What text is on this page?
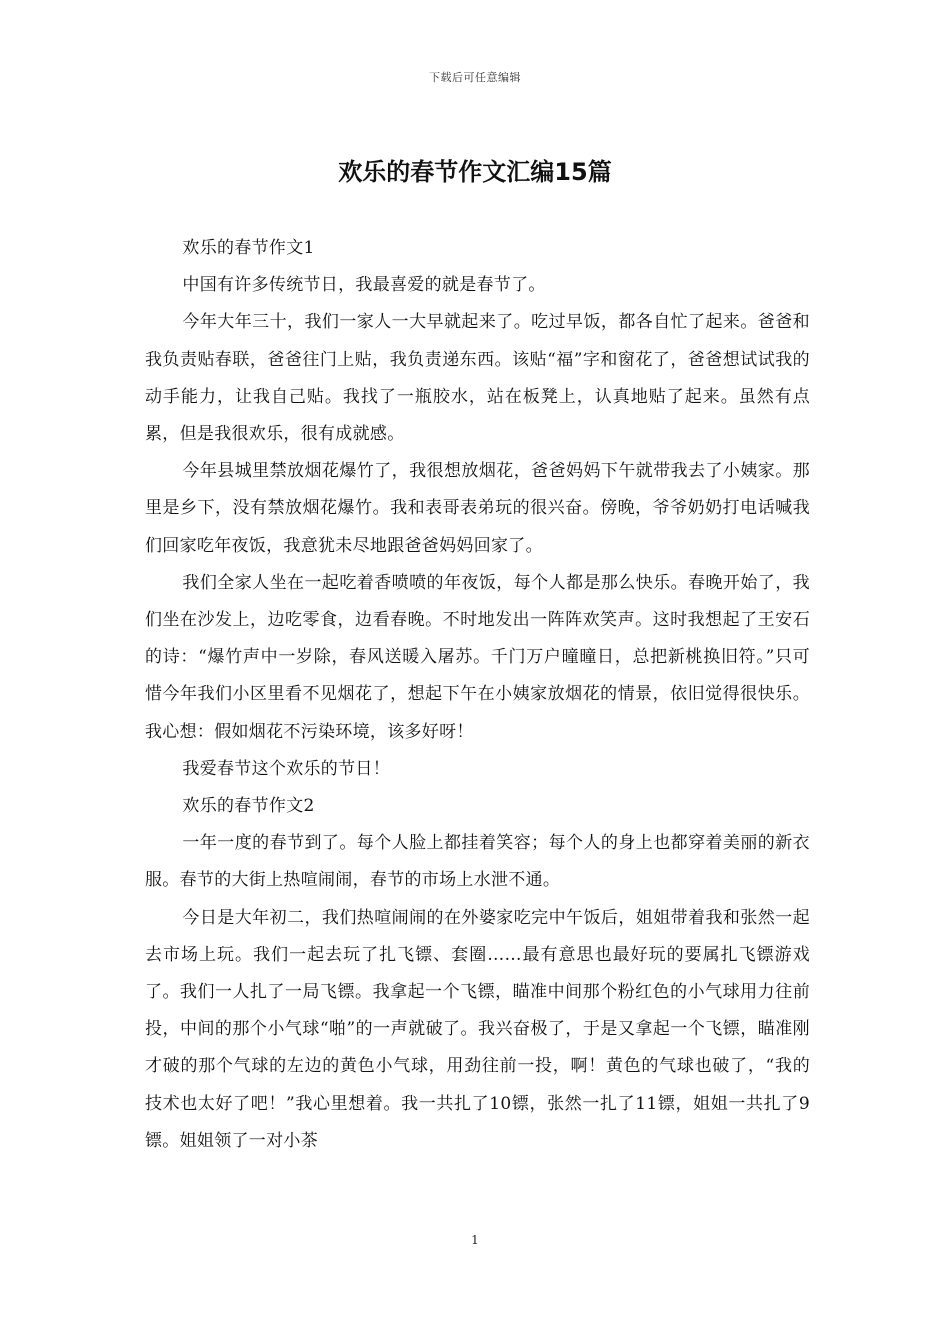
下载后可任意编辑
欢乐的春节作文汇编15篇

欢乐的春节作文1

中国有许多传统节日，我最喜爱的就是春节了。

今年大年三十，我们一家人一大早就起来了。吃过早饭，都各自忙了起来。爸爸和我负责贴春联，爸爸往门上贴，我负责递东西。该贴“福”字和窗花了，爸爸想试试我的动手能力，让我自己贴。我找了一瓶胶水，站在板凳上，认真地贴了起来。虽然有点累，但是我很欢乐，很有成就感。

今年县城里禁放烟花爆竹了，我很想放烟花，爸爸妈妈下午就带我去了小姨家。那里是乡下，没有禁放烟花爆竹。我和表哥表弟玩的很兴奋。傍晚，爷爷奶奶打电话喊我们回家吃年夜饭，我意犹未尽地跟爸爸妈妈回家了。

我们全家人坐在一起吃着香喷喷的年夜饭，每个人都是那么快乐。春晚开始了，我们坐在沙发上，边吃零食，边看春晚。不时地发出一阵阵欢笑声。这时我想起了王安石的诗：“爆竹声中一岁除，春风送暖入屠苏。千门万户曈曈日，总把新桃换旧符。”只可惜今年我们小区里看不见烟花了，想起下午在小姨家放烟花的情景，依旧觉得很快乐。我心想：假如烟花不污染环境，该多好呀！

我爱春节这个欢乐的节日！

欢乐的春节作文2

一年一度的春节到了。每个人脸上都挂着笑容；每个人的身上也都穿着美丽的新衣服。春节的大街上热喧闹闹，春节的市场上水泄不通。

今日是大年初二，我们热喧闹闹的在外婆家吃完中午饭后，姐姐带着我和张然一起去市场上玩。我们一起去玩了扎飞镖、套圈……最有意思也最好玩的要属扎飞镖游戏了。我们一人扎了一局飞镖。我拿起一个飞镖，瞄准中间那个粉红色的小气球用力往前投，中间的那个小气球“啪”的一声就破了。我兴奋极了，于是又拿起一个飞镖，瞄准刚才破的那个气球的左边的黄色小气球，用劲往前一投，啊！黄色的气球也破了，“我的技术也太好了吧！”我心里想着。我一共扎了10镖，张然一扎了11镖，姐姐一共扎了9镖。姐姐领了一对小茶

1
